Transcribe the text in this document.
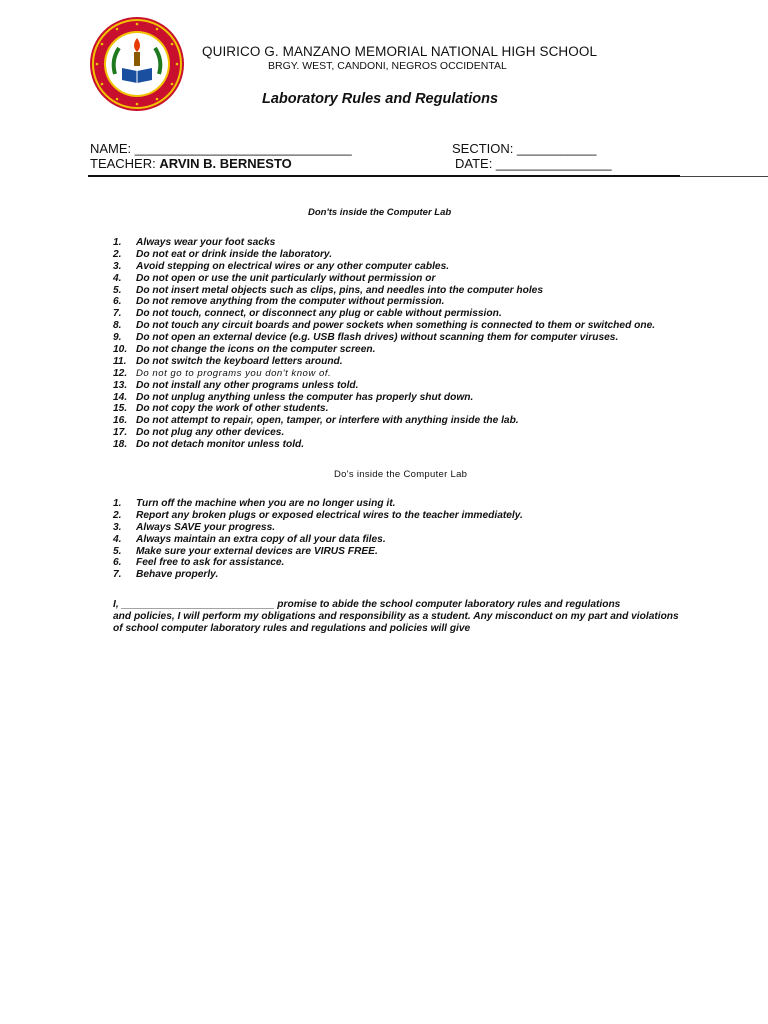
QUIRICO G. MANZANO MEMORIAL NATIONAL HIGH SCHOOL
BRGY. WEST, CANDONI, NEGROS OCCIDENTAL
Laboratory Rules and Regulations
NAME: ______________________________	SECTION: ___________
TEACHER: ARVIN B. BERNESTO	DATE: ________________
Don'ts inside the Computer Lab
1. Always wear your foot sacks
2. Do not eat or drink inside the laboratory.
3. Avoid stepping on electrical wires or any other computer cables.
4. Do not open or use the unit particularly without permission or
5. Do not insert metal objects such as clips, pins, and needles into the computer holes
6. Do not remove anything from the computer without permission.
7. Do not touch, connect, or disconnect any plug or cable without permission.
8. Do not touch any circuit boards and power sockets when something is connected to them or switched one.
9. Do not open an external device (e.g. USB flash drives) without scanning them for computer viruses.
10. Do not change the icons on the computer screen.
11. Do not switch the keyboard letters around.
12. Do not go to programs you don't know of.
13. Do not install any other programs unless told.
14. Do not unplug anything unless the computer has properly shut down.
15. Do not copy the work of other students.
16. Do not attempt to repair, open, tamper, or interfere with anything inside the lab.
17. Do not plug any other devices.
18. Do not detach monitor unless told.
Do's inside the Computer Lab
1. Turn off the machine when you are no longer using it.
2. Report any broken plugs or exposed electrical wires to the teacher immediately.
3. Always SAVE your progress.
4. Always maintain an extra copy of all your data files.
5. Make sure your external devices are VIRUS FREE.
6. Feel free to ask for assistance.
7. Behave properly.
I, ___________________________ promise to abide the school computer laboratory rules and regulations
and policies, I will perform my obligations and responsibility as a student. Any misconduct on my part and violations
of school computer laboratory rules and regulations and policies will give
